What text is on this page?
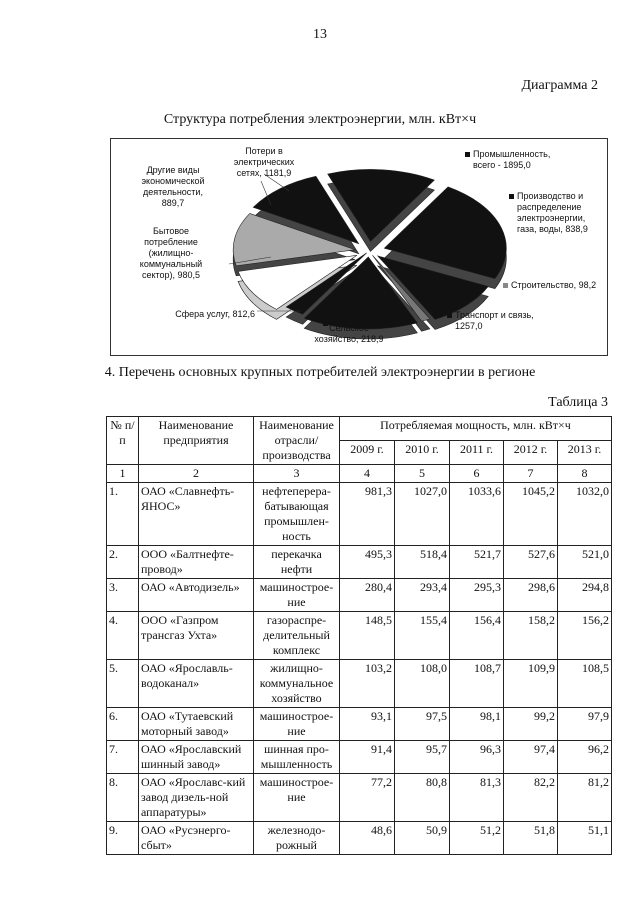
13
Диаграмма 2
Структура потребления электроэнергии, млн. кВт×ч
Промышленность, всего - 1895,0
Производство и распределение электроэнергии, газа, воды, 838,9
Строительство, 98,2
Транспорт и связь, 1257,0
Сельское хозяйство, 218,9
Сфера услуг, 812,6
Бытовое потребление (жилищно-коммунальный сектор), 980,5
Другие виды экономической деятельности, 889,7
Потери в электрических сетях, 1181,9
4. Перечень основных крупных потребителей электроэнергии в регионе
Таблица 3
№ п/п	Наименование предприятия	Наименование отрасли/ производства	Потребляемая мощность, млн. кВт×ч				
			2009 г.	2010 г.	2011 г.	2012 г.	2013 г.
1	2	3	4	5	6	7	8
1.	ОАО «Славнефть-ЯНОС»	нефтеперера-батывающая промышлен-ность	981,3	1027,0	1033,6	1045,2	1032,0
2.	ООО «Балтнефте-провод»	перекачка нефти	495,3	518,4	521,7	527,6	521,0
3.	ОАО «Автодизель»	машинострое-ние	280,4	293,4	295,3	298,6	294,8
4.	ООО «Газпром трансгаз Ухта»	газораспре-делительный комплекс	148,5	155,4	156,4	158,2	156,2
5.	ОАО «Ярославль-водоканал»	жилищно-коммунальное хозяйство	103,2	108,0	108,7	109,9	108,5
6.	ОАО «Тутаевский моторный завод»	машинострое-ние	93,1	97,5	98,1	99,2	97,9
7.	ОАО «Ярославский шинный завод»	шинная про-мышленность	91,4	95,7	96,3	97,4	96,2
8.	ОАО «Ярославс-кий завод дизель-ной аппаратуры»	машинострое-ние	77,2	80,8	81,3	82,2	81,2
9.	ОАО «Русэнерго-сбыт»	железнодо-рожный	48,6	50,9	51,2	51,8	51,1
